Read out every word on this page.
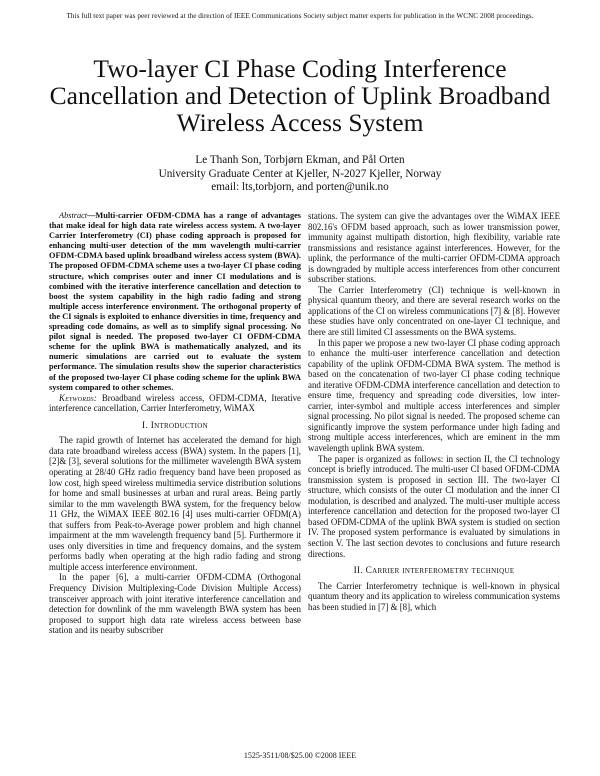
This full text paper was peer reviewed at the direction of IEEE Communications Society subject matter experts for publication in the WCNC 2008 proceedings.
Two-layer CI Phase Coding Interference
Cancellation and Detection of Uplink Broadband
Wireless Access System
Le Thanh Son, Torbjørn Ekman, and Pål Orten
University Graduate Center at Kjeller, N-2027 Kjeller, Norway
email: lts,torbjorn, and porten@unik.no

Abstract—Multi-carrier OFDM-CDMA has a range of advantages that make ideal for high data rate wireless access system. A two-layer Carrier Interferometry (CI) phase coding approach is proposed for enhancing multi-user detection of the mm wavelength multi-carrier OFDM-CDMA based uplink broadband wireless access system (BWA). The proposed OFDM-CDMA scheme uses a two-layer CI phase coding structure, which comprises outer and inner CI modulations and is combined with the iterative interference cancellation and detection to boost the system capability in the high radio fading and strong multiple access interference environment. The orthogonal property of the CI signals is exploited to enhance diversities in time, frequency and spreading code domains, as well as to simplify signal processing. No pilot signal is needed. The proposed two-layer CI OFDM-CDMA scheme for the uplink BWA is mathematically analyzed, and its numeric simulations are carried out to evaluate the system performance. The simulation results show the superior characteristics of the proposed two-layer CI phase coding scheme for the uplink BWA system compared to other schemes.

Keywords: Broadband wireless access, OFDM-CDMA, Iterative interference cancellation, Carrier Interferometry, WiMAX

I. Introduction

The rapid growth of Internet has accelerated the demand for high data rate broadband wireless access (BWA) system. In the papers [1], [2]& [3], several solutions for the millimeter wavelength BWA system operating at 28/40 GHz radio frequency band have been proposed as low cost, high speed wireless multimedia service distribution solutions for home and small businesses at urban and rural areas. Being partly similar to the mm wavelength BWA system, for the frequency below 11 GHz, the WiMAX IEEE 802.16 [4] uses multi-carrier OFDM(A) that suffers from Peak-to-Average power problem and high channel impairment at the mm wavelength frequency band [5]. Furthermore it uses only diversities in time and frequency domains, and the system performs badly when operating at the high radio fading and strong multiple access interference environment.

In the paper [6], a multi-carrier OFDM-CDMA (Orthogonal Frequency Division Multiplexing-Code Division Multiple Access) transceiver approach with joint iterative interference cancellation and detection for downlink of the mm wavelength BWA system has been proposed to support high data rate wireless access between base station and its nearby subscriber

stations. The system can give the advantages over the WiMAX IEEE 802.16's OFDM based approach, such as lower transmission power, immunity against multipath distortion, high flexibility, variable rate transmissions and resistance against interferences. However, for the uplink, the performance of the multi-carrier OFDM-CDMA approach is downgraded by multiple access interferences from other concurrent subscriber stations.

The Carrier Interferometry (CI) technique is well-known in physical quantum theory, and there are several research works on the applications of the CI on wireless communications [7] & [8]. However these studies have only concentrated on one-layer CI technique, and there are still limited CI assessments on the BWA systems.

In this paper we propose a new two-layer CI phase coding approach to enhance the multi-user interference cancellation and detection capability of the uplink OFDM-CDMA BWA system. The method is based on the concatenation of two-layer CI phase coding technique and iterative OFDM-CDMA interference cancellation and detection to ensure time, frequency and spreading code diversities, low inter-carrier, inter-symbol and multiple access interferences and simpler signal processing. No pilot signal is needed. The proposed scheme can significantly improve the system performance under high fading and strong multiple access interferences, which are eminent in the mm wavelength uplink BWA system.

The paper is organized as follows: in section II, the CI technology concept is briefly introduced. The multi-user CI based OFDM-CDMA transmission system is proposed in section III. The two-layer CI structure, which consists of the outer CI modulation and the inner CI modulation, is described and analyzed. The multi-user multiple access interference cancellation and detection for the proposed two-layer CI based OFDM-CDMA of the uplink BWA system is studied on section IV. The proposed system performance is evaluated by simulations in section V. The last section devotes to conclusions and future research directions.

II. Carrier interferometry technique

The Carrier Interferometry technique is well-known in physical quantum theory and its application to wireless communication systems has been studied in [7] & [8], which

1525-3511/08/$25.00 ©2008 IEEE
